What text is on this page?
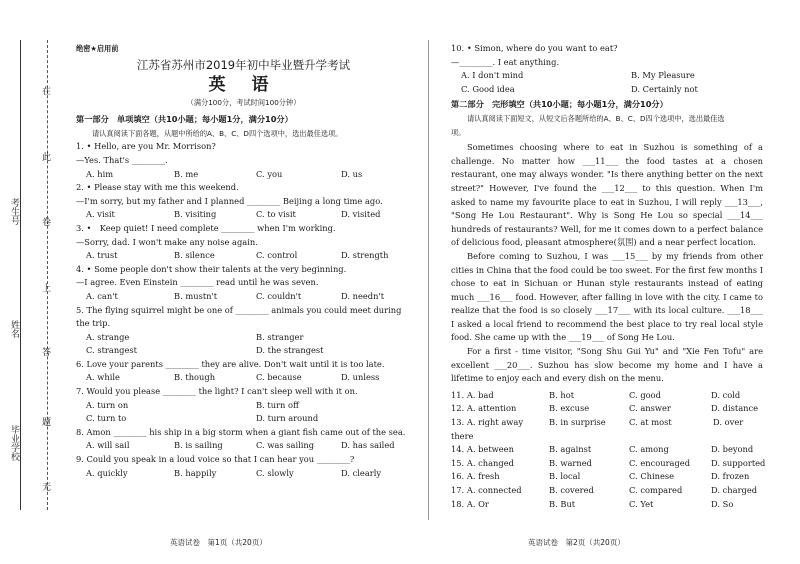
在
此
卷
上
答
题
无
考生号
姓名
毕业学校
绝密★启用前
江苏省苏州市2019年初中毕业暨升学考试
英 语
（满分100分，考试时间100分钟）
第一部分　单项填空（共10小题；每小题1分，满分10分）
请认真阅读下面各题，从题中所给的A、B、C、D四个选项中，选出最佳选项。
1. • Hello, are you Mr. Morrison?
—Yes. That's ________.
A. him	B. me	C. you	D. us
2. • Please stay with me this weekend.
—I'm sorry, but my father and I planned ________ Beijing a long time ago.
A. visit	B. visiting	C. to visit	D. visited
3. •　Keep quiet! I need complete ________ when I'm working.
—Sorry, dad. I won't make any noise again.
A. trust	B. silence	C. control	D. strength
4. • Some people don't show their talents at the very beginning.
—I agree. Even Einstein ________ read until he was seven.
A. can't	B. mustn't	C. couldn't	D. needn't
5. The flying squirrel might be one of ________ animals you could meet during
the trip.
A. strange	B. stranger
C. strangest	D. the strangest
6. Love your parents ________ they are alive. Don't wait until it is too late.
A. while	B. though	C. because	D. unless
7. Would you please ________ the light? I can't sleep well with it on.
A. turn on	B. turn off
C. turn to	D. turn around
8. Amon ________ his ship in a big storm when a giant fish came out of the sea.
A. will sail	B. is sailing	C. was sailing	D. has sailed
9. Could you speak in a loud voice so that I can hear you ________?
A. quickly	B. happily	C. slowly	D. clearly
英语试卷　第1页（共20页）
10. • Simon, where do you want to eat?
—________. I eat anything.
A. I don't mind	B. My Pleasure
C. Good idea	D. Certainly not
第二部分　完形填空（共10小题；每小题1分，满分10分）
请认真阅读下面短文，从短文后各题所给的A、B、C、D四个选项中，选出最佳选
项。
Sometimes choosing where to eat in Suzhou is something of a challenge. No matter how ___11___ the food tastes at a chosen restaurant, one may always wonder. "Is there anything better on the next street?" However, I've found the ___12___ to this question. When I'm asked to name my favourite place to eat in Suzhou, I will reply ___13___, "Song He Lou Restaurant". Why is Song He Lou so special ___14___ hundreds of restaurants? Well, for me it comes down to a perfect balance of delicious food, pleasant atmosphere(氛围) and a near perfect location.
Before coming to Suzhou, I was ___15___ by my friends from other cities in China that the food could be too sweet. For the first few months I chose to eat in Sichuan or Hunan style restaurants instead of eating much ___16___ food. However, after falling in love with the city. I came to realize that the food is so closely ___17___ with its local culture. ___18___ I asked a local friend to recommend the best place to try real local style food. She came up with the ___19___ of Song He Lou.
For a first - time visitor, "Song Shu Gui Yu" and "Xie Fen Tofu" are excellent ___20___. Suzhou has slow become my home and I have a lifetime to enjoy each and every dish on the menu.
11. A. bad	B. hot	C. good	D. cold
12. A. attention	B. excuse	C. answer	D. distance
13. A. right away	B. in surprise	C. at most	D. over
there
14. A. between	B. against	C. among	D. beyond
15. A. changed	B. warned	C. encouraged	D. supported
16. A. fresh	B. local	C. Chinese	D. frozen
17. A. connected	B. covered	C. compared	D. charged
18. A. Or	B. But	C. Yet	D. So
英语试卷　第2页（共20页）
